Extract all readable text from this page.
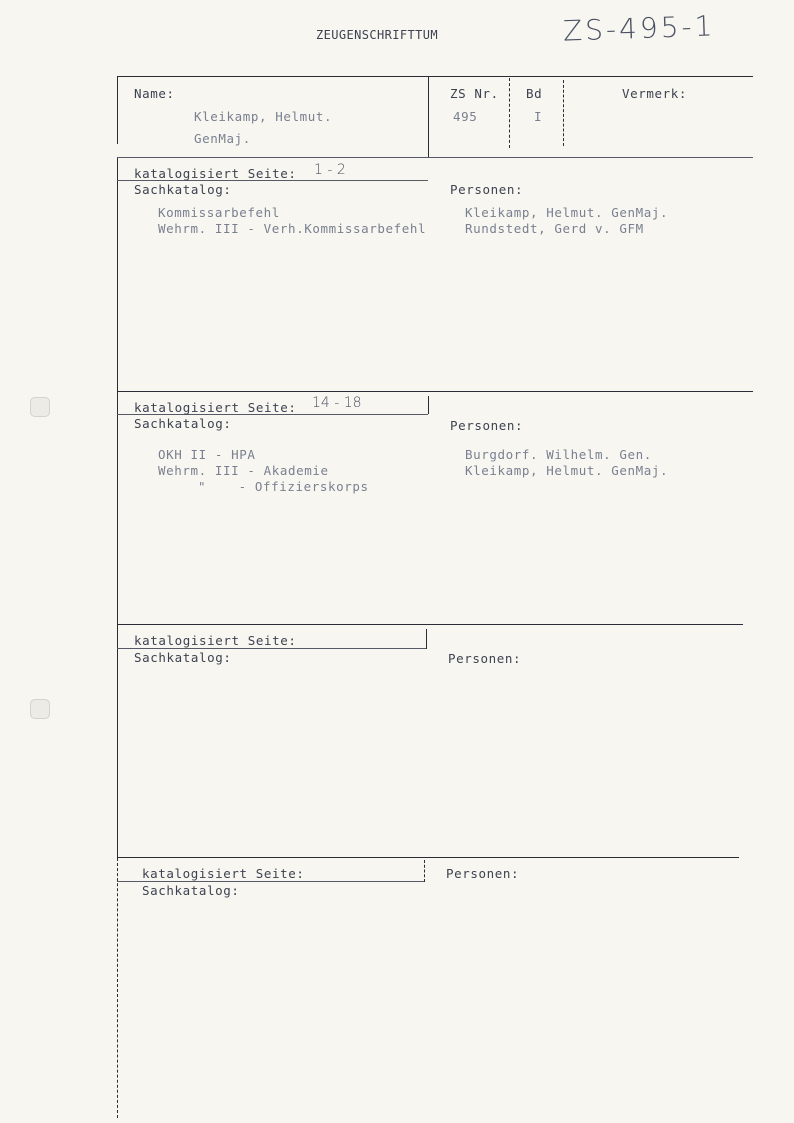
ZEUGENSCHRIFTTUM	ZS-495-1
Name:
Kleikamp, Helmut.
GenMaj.
ZS Nr.
495
Bd
I
Vermerk:
katalogisiert Seite: 1 - 2
Sachkatalog:
Kommissarbefehl
Wehrm. III - Verh.Kommissarbefehl
Personen:
Kleikamp, Helmut. GenMaj.
Rundstedt, Gerd v. GFM
katalogisiert Seite: 14 - 18
Sachkatalog:
OKH II - HPA
Wehrm. III - Akademie
"    - Offizierskorps
Personen:
Burgdorf. Wilhelm. Gen.
Kleikamp, Helmut. GenMaj.
katalogisiert Seite:
Sachkatalog:	Personen:
katalogisiert Seite:
Sachkatalog:
Personen:
